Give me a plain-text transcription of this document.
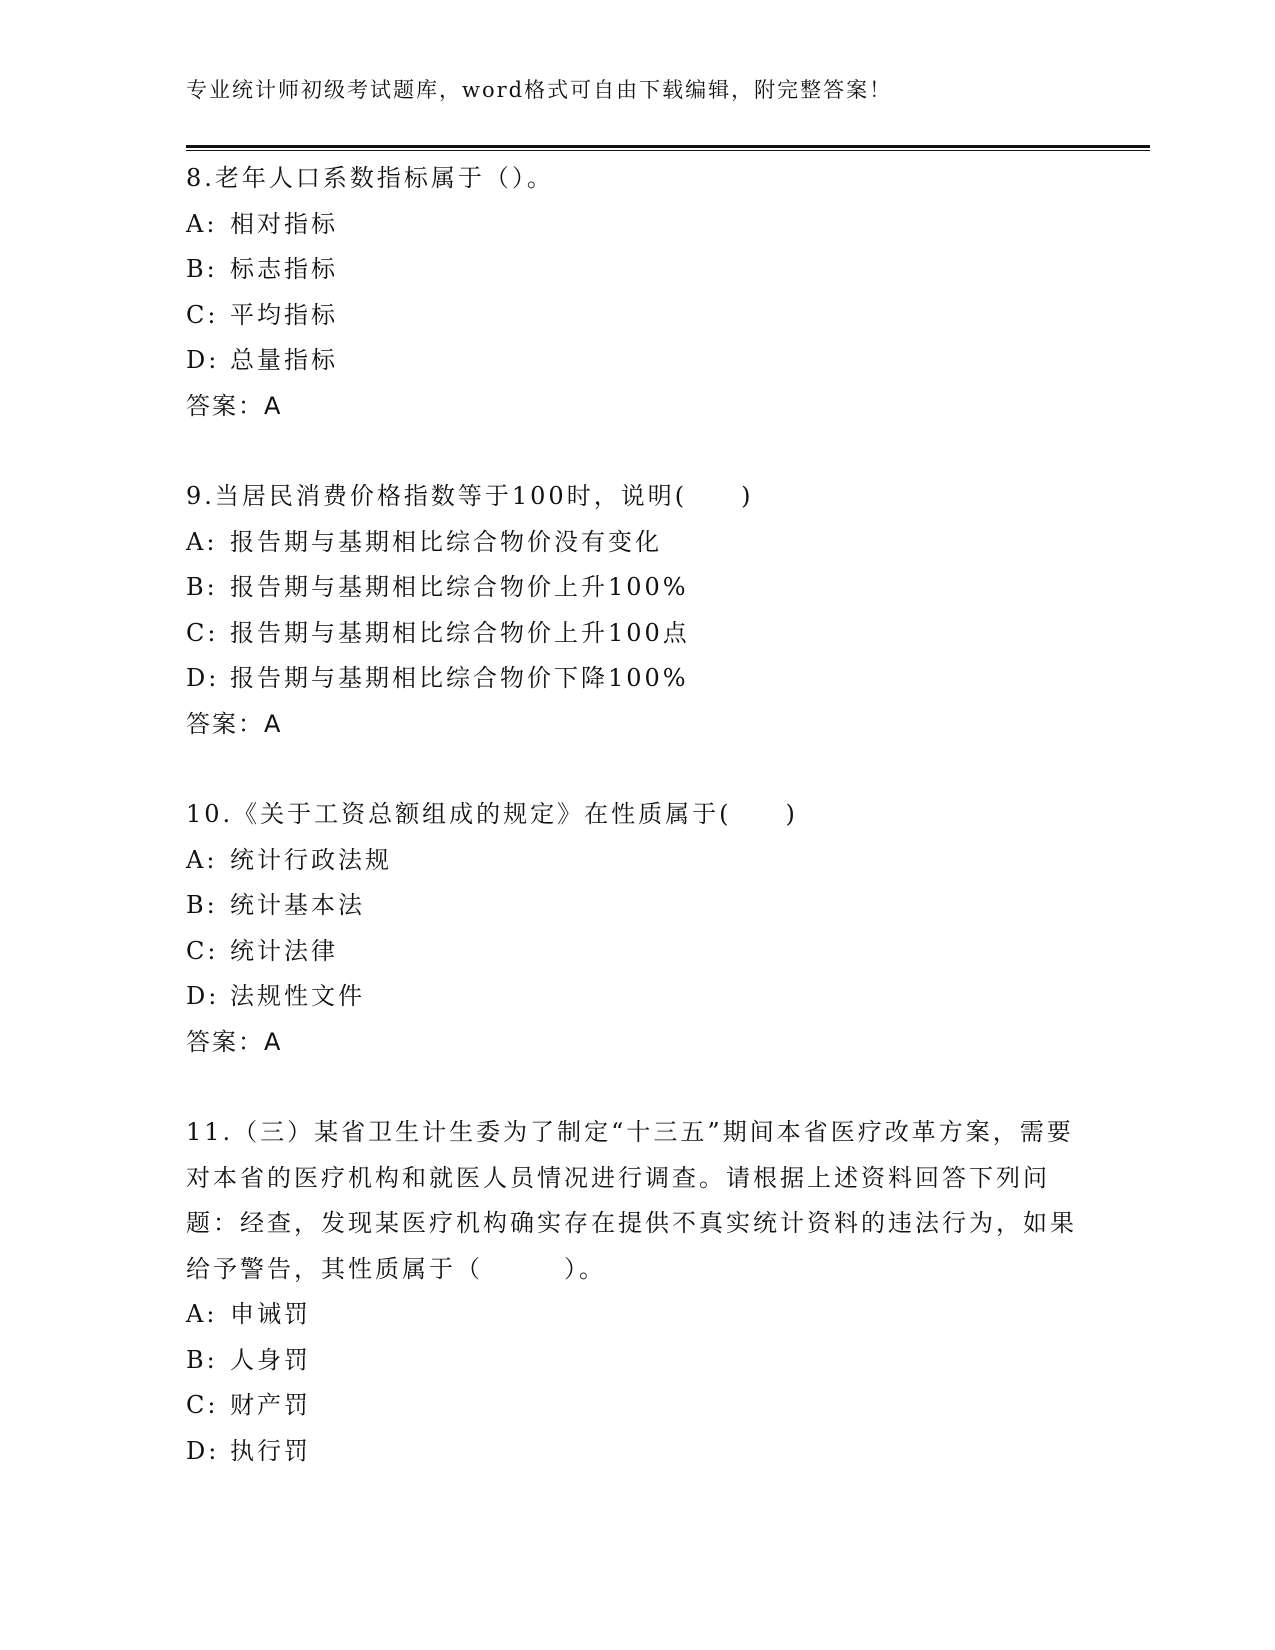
专业统计师初级考试题库，word格式可自由下载编辑，附完整答案！
8.老年人口系数指标属于（）。
A: 相对指标
B: 标志指标
C: 平均指标
D: 总量指标
答案：A
9.当居民消费价格指数等于100时，说明(　　)
A: 报告期与基期相比综合物价没有变化
B: 报告期与基期相比综合物价上升100%
C: 报告期与基期相比综合物价上升100点
D: 报告期与基期相比综合物价下降100%
答案：A
10.《关于工资总额组成的规定》在性质属于(　　)
A: 统计行政法规
B: 统计基本法
C: 统计法律
D: 法规性文件
答案：A
11.（三）某省卫生计生委为了制定“十三五”期间本省医疗改革方案，需要对本省的医疗机构和就医人员情况进行调查。请根据上述资料回答下列问题：经查，发现某医疗机构确实存在提供不真实统计资料的违法行为，如果给予警告，其性质属于（　　　）。
A: 申诫罚
B: 人身罚
C: 财产罚
D: 执行罚
